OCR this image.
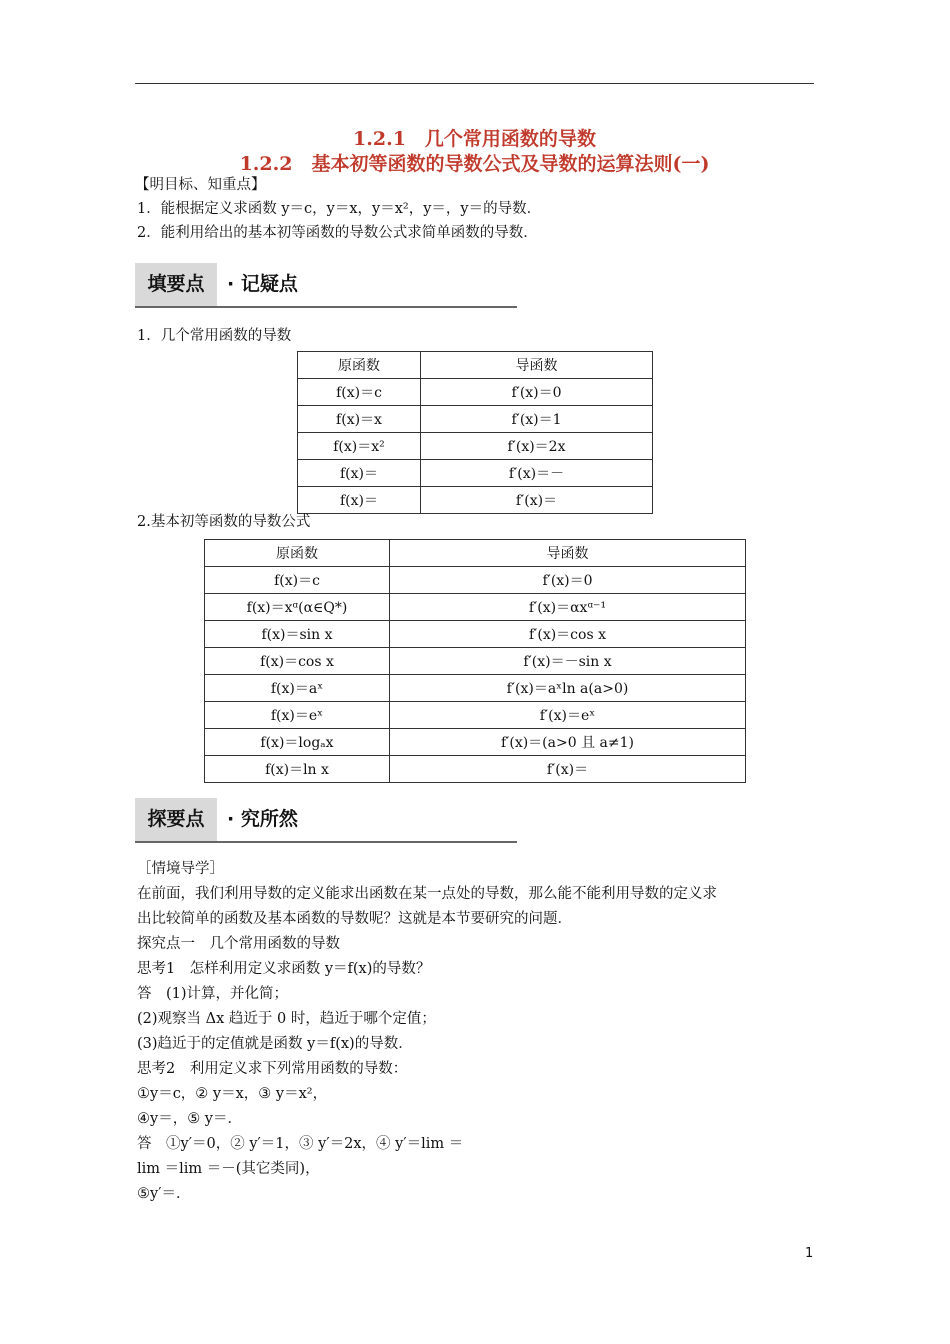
1.2.1　几个常用函数的导数
1.2.2　基本初等函数的导数公式及导数的运算法则(一)
【明目标、知重点】
1．能根据定义求函数 y＝c，y＝x，y＝x²，y＝，y＝的导数．
2．能利用给出的基本初等函数的导数公式求简单函数的导数．
填要点	· 记疑点
1．几个常用函数的导数
原函数	导函数
f(x)＝c	f′(x)＝0
f(x)＝x	f′(x)＝1
f(x)＝x²	f′(x)＝2x
f(x)＝	f′(x)＝－
f(x)＝	f′(x)＝
2.基本初等函数的导数公式
原函数	导函数
f(x)＝c	f′(x)＝0
f(x)＝xᵅ(α∈Q*)	f′(x)＝αxᵅ⁻¹
f(x)＝sin x	f′(x)＝cos x
f(x)＝cos x	f′(x)＝－sin x
f(x)＝aˣ	f′(x)＝aˣln a(a>0)
f(x)＝eˣ	f′(x)＝eˣ
f(x)＝logₐx	f′(x)＝(a>0 且 a≠1)
f(x)＝ln x	f′(x)＝
探要点	· 究所然
［情境导学］
在前面，我们利用导数的定义能求出函数在某一点处的导数，那么能不能利用导数的定义求
出比较简单的函数及基本函数的导数呢？这就是本节要研究的问题．
探究点一　几个常用函数的导数
思考1　怎样利用定义求函数 y＝f(x)的导数？
答　(1)计算，并化简；
(2)观察当 Δx 趋近于 0 时，趋近于哪个定值；
(3)趋近于的定值就是函数 y＝f(x)的导数．
思考2　利用定义求下列常用函数的导数：
①y＝c，② y＝x，③ y＝x²，
④y＝，⑤ y＝．
答　①y′＝0，② y′＝1，③ y′＝2x，④ y′＝lim ＝
lim ＝lim ＝－(其它类同)，
⑤y′＝．
1
